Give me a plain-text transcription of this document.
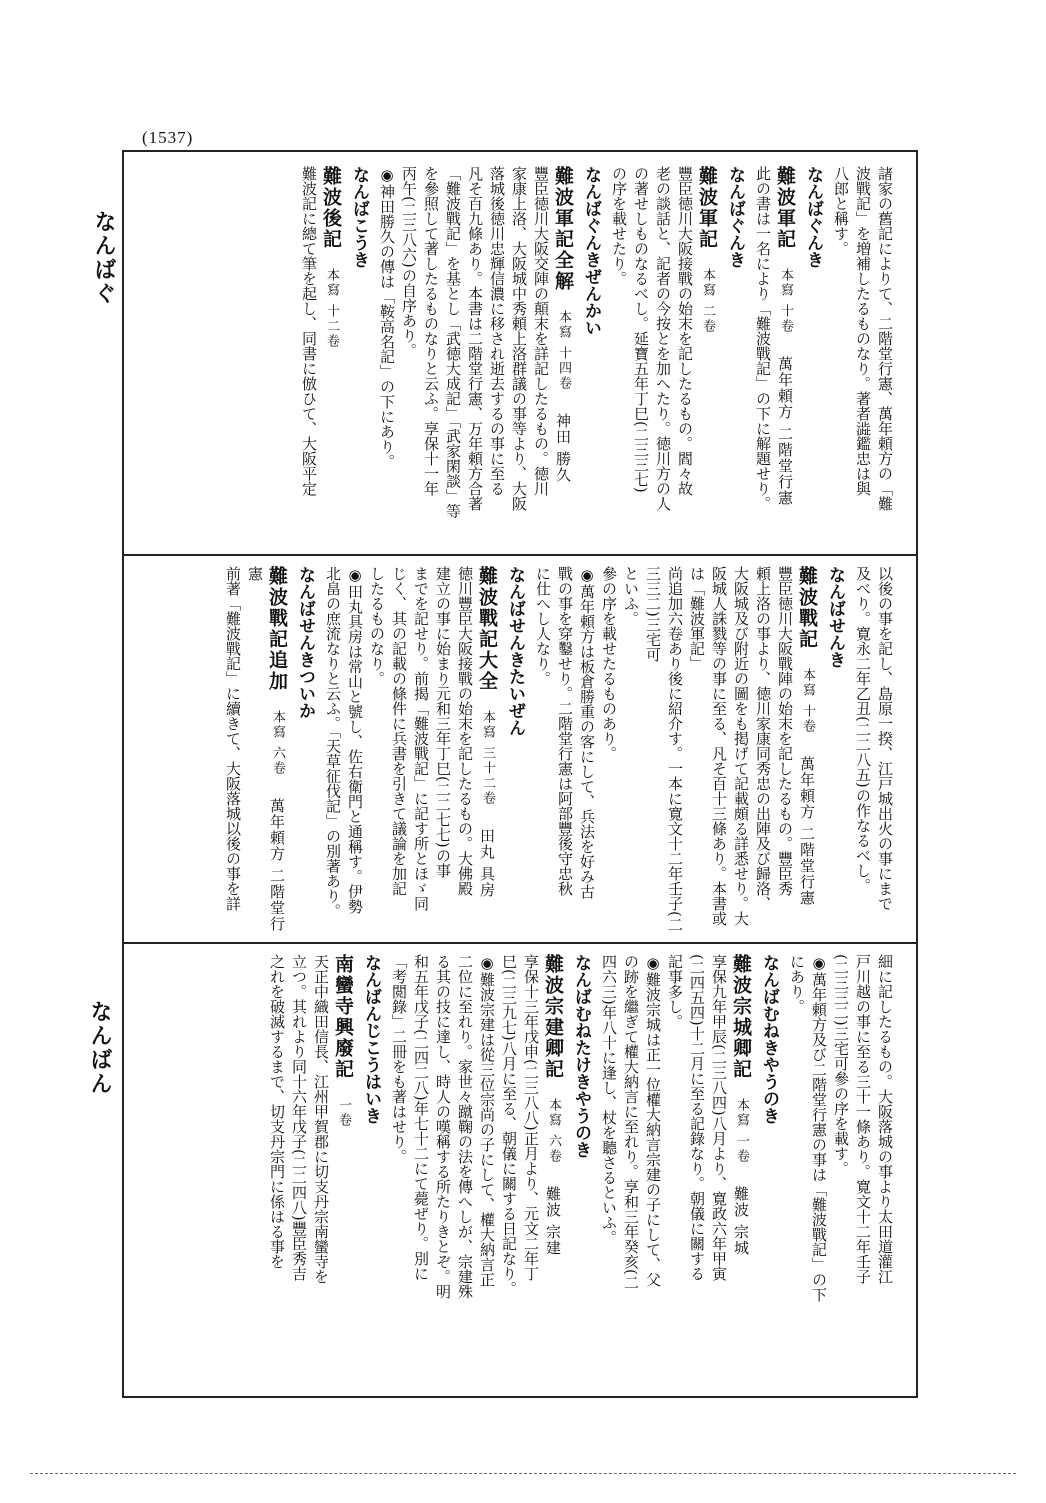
(1537)
なんばぐ
なんばん

諸家の舊記によりて、二階堂行憲、萬年頼方の「難

波戰記」を増補したるものなり。著者澁鑑忠は與

八郎と稱す。

なんばぐんき

難波軍記本寫 十卷萬年頼方 二階堂行憲

此の書は一名により「難波戰記」の下に解題せり。

なんばぐんき

難波軍記本寫 二卷

豐臣徳川大阪接戰の始末を記したるもの。閻々故

老の談話と、記者の今按とを加へたり。徳川方の人

の著せしものなるべし。延寶五年丁巳(二三三七)

の序を載せたり。

なんばぐんきぜんかい

難波軍記全解本寫 十四卷神田 勝久

豐臣徳川大阪交陣の顛末を詳記したるもの。徳川

家康上洛、大阪城中秀頼上洛群議の事等より、大阪

落城後徳川忠輝信濃に移され逝去するの事に至る

凡そ百九條あり。本書は二階堂行憲、万年頼方合著

「難波戰記」を基とし「武徳大成記」「武家閑談」等

を參照して著したるものなりと云ふ。享保十一年

丙午(二三八六)の自序あり。

◉神田勝久の傳は「鞍高名記」の下にあり。

なんばこうき

難波後記本寫 十二卷

難波記に總て筆を起し、同書に倣ひて、大阪平定

以後の事を記し、島原一揆、江戸城出火の事にまで

及べり。寛永二年乙丑(二二八五)の作なるべし。

なんばせんき

難波戰記本寫 十卷萬年頼方 二階堂行憲

豐臣徳川大阪戰陣の始末を記したるもの。豐臣秀

頼上洛の事より、徳川家康同秀忠の出陣及び歸洛、

大阪城及び附近の圖をも掲げて記載頗る詳悉せり。大

阪城人誅戮等の事に至る、凡そ百十三條あり。本書或は「難波軍記」

尚追加六卷あり後に紹介す。一本に寛文十二年壬子(二三三二)三宅可

といふ。

參の序を載せたるものあり。

◉萬年頼方は板倉勝重の客にして、兵法を好み古

戰の事を穿鑿せり。二階堂行憲は阿部豐後守忠秋

に仕へし人なり。

なんばせんきたいぜん

難波戰記大全本寫 三十二卷田丸 具房

徳川豐臣大阪接戰の始末を記したるもの。大佛殿

建立の事に始まり元和三年丁巳(二二七七)の事

までを記せり。前揭「難波戰記」に記す所とほゞ同

じく、其の記載の條件に兵書を引きて議論を加記

したるものなり。

◉田丸具房は常山と號し、佐右衛門と通稱す。伊勢

北畠の庶流なりと云ふ。「天草征伐記」の別著あり。

なんばせんきついか

難波戰記追加本寫 六卷萬年頼方 二階堂行憲

前著「難波戰記」に續きて、大阪落城以後の事を詳

細に記したるもの。大阪落城の事より太田道灌江

戸川越の事に至る三十一條あり。寛文十二年壬子

(二三三二)三宅可參の序を載す。

◉萬年頼方及び二階堂行憲の事は「難波戰記」の下

にあり。

なんばむねきやうのき

難波宗城卿記本寫 一卷難波 宗城

享保九年甲辰(二三八四)八月より、寛政六年甲寅

(二四五四)十二月に至る記錄なり。朝儀に關する

記事多し。

◉難波宗城は正一位權大納言宗建の子にして、父

の跡を繼ぎて權大納言に至れり。享和三年癸亥(二

四六三)年八十に逢し、杖を聽さるといふ。

なんばむねたけきやうのき

難波宗建卿記本寫 六卷難波 宗建

享保十三年戊申(二三八八)正月より、元文二年丁

巳(二三九七)八月に至る、朝儀に關する日記なり。

◉難波宗建は從三位宗尚の子にして、權大納言正

二位に至れり。家世々蹴鞠の法を傳へしが、宗建殊

る其の技に達し、時人の嘆稱する所たりきとぞ。明

和五年戊子(二四二八)年七十二にて薨ぜり。別に

「考閲錄」二冊をも著はせり。

なんばんじこうはいき

南蠻寺興廢記一卷

天正中織田信長、江州甲賀郡に切支丹宗南蠻寺を

立つ。其れより同十六年戊子(二二四八)豐臣秀吉

之れを破滅するまで、切支丹宗門に係はる事を
